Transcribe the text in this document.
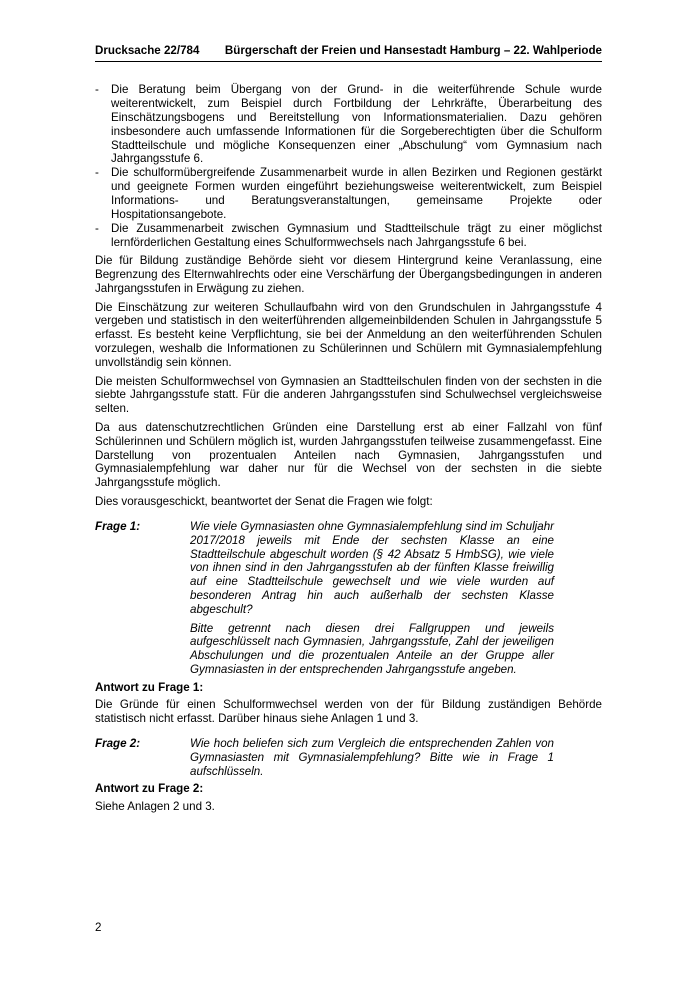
Drucksache 22/784 Bürgerschaft der Freien und Hansestadt Hamburg – 22. Wahlperiode
-	Die Beratung beim Übergang von der Grund- in die weiterführende Schule wurde weiterentwickelt, zum Beispiel durch Fortbildung der Lehrkräfte, Überarbeitung des Einschätzungsbogens und Bereitstellung von Informationsmaterialien. Dazu gehören insbesondere auch umfassende Informationen für die Sorgeberechtigten über die Schulform Stadtteilschule und mögliche Konsequenzen einer „Abschulung“ vom Gymnasium nach Jahrgangsstufe 6.
-	Die schulformübergreifende Zusammenarbeit wurde in allen Bezirken und Regionen gestärkt und geeignete Formen wurden eingeführt beziehungsweise weiterentwickelt, zum Beispiel Informations- und Beratungsveranstaltungen, gemeinsame Projekte oder Hospitationsangebote.
-	Die Zusammenarbeit zwischen Gymnasium und Stadtteilschule trägt zu einer möglichst lernförderlichen Gestaltung eines Schulformwechsels nach Jahrgangsstufe 6 bei.

Die für Bildung zuständige Behörde sieht vor diesem Hintergrund keine Veranlassung, eine Begrenzung des Elternwahlrechts oder eine Verschärfung der Übergangsbedingungen in anderen Jahrgangsstufen in Erwägung zu ziehen.

Die Einschätzung zur weiteren Schullaufbahn wird von den Grundschulen in Jahrgangsstufe 4 vergeben und statistisch in den weiterführenden allgemeinbildenden Schulen in Jahrgangsstufe 5 erfasst. Es besteht keine Verpflichtung, sie bei der Anmeldung an den weiterführenden Schulen vorzulegen, weshalb die Informationen zu Schülerinnen und Schülern mit Gymnasialempfehlung unvollständig sein können.

Die meisten Schulformwechsel von Gymnasien an Stadtteilschulen finden von der sechsten in die siebte Jahrgangsstufe statt. Für die anderen Jahrgangsstufen sind Schulwechsel vergleichsweise selten.

Da aus datenschutzrechtlichen Gründen eine Darstellung erst ab einer Fallzahl von fünf Schülerinnen und Schülern möglich ist, wurden Jahrgangsstufen teilweise zusammengefasst. Eine Darstellung von prozentualen Anteilen nach Gymnasien, Jahrgangsstufen und Gymnasialempfehlung war daher nur für die Wechsel von der sechsten in die siebte Jahrgangsstufe möglich.

Dies vorausgeschickt, beantwortet der Senat die Fragen wie folgt:

Frage 1:	Wie viele Gymnasiasten ohne Gymnasialempfehlung sind im Schuljahr 2017/2018 jeweils mit Ende der sechsten Klasse an eine Stadtteilschule abgeschult worden (§ 42 Absatz 5 HmbSG), wie viele von ihnen sind in den Jahrgangsstufen ab der fünften Klasse freiwillig auf eine Stadtteilschule gewechselt und wie viele wurden auf besonderen Antrag hin auch außerhalb der sechsten Klasse abgeschult?

Bitte getrennt nach diesen drei Fallgruppen und jeweils aufgeschlüsselt nach Gymnasien, Jahrgangsstufe, Zahl der jeweiligen Abschulungen und die prozentualen Anteile an der Gruppe aller Gymnasiasten in der entsprechenden Jahrgangsstufe angeben.

Antwort zu Frage 1:

Die Gründe für einen Schulformwechsel werden von der für Bildung zuständigen Behörde statistisch nicht erfasst. Darüber hinaus siehe Anlagen 1 und 3.

Frage 2:	Wie hoch beliefen sich zum Vergleich die entsprechenden Zahlen von Gymnasiasten mit Gymnasialempfehlung? Bitte wie in Frage 1 aufschlüsseln.

Antwort zu Frage 2:

Siehe Anlagen 2 und 3.

2
